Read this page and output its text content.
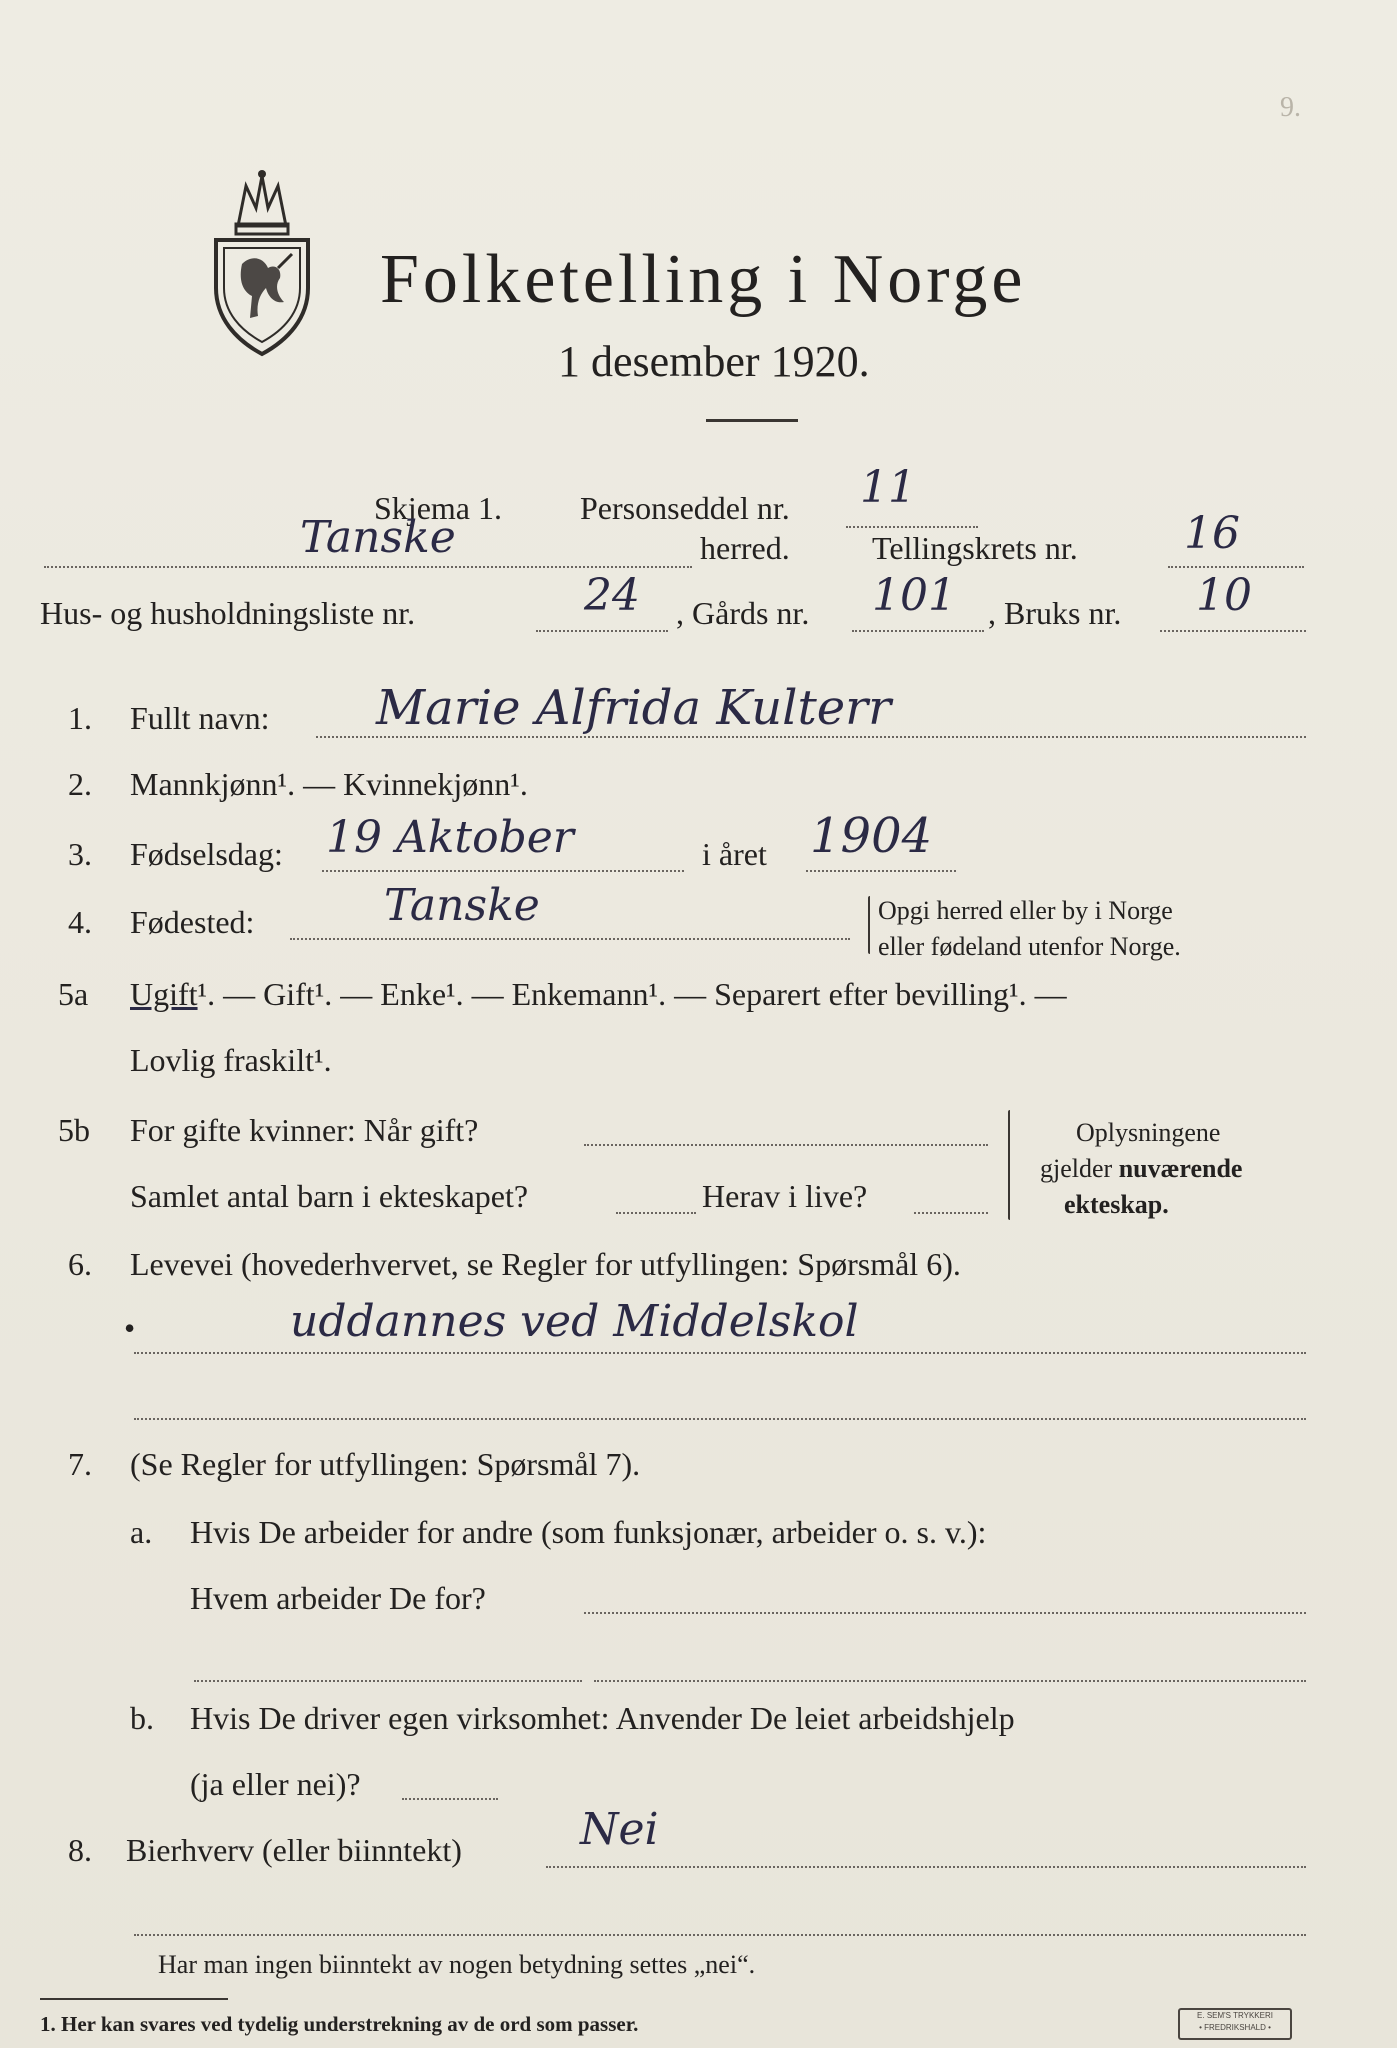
9.
Folketelling i Norge
1 desember 1920.
Skjema 1. Personseddel nr. 11
Tanske	herred.	Tellingskrets nr. 16
Hus- og husholdningsliste nr.	24 , Gårds nr. 101 , Bruks nr. 10
1. Fullt navn: Marie Alfrida Kulterr
2. Mannkjønn¹. — Kvinnekjønn¹.
3. Fødselsdag: 19 Aktober	i året 1904
4. Fødested:	Tanske	Opgi herred eller by i Norge
eller fødeland utenfor Norge.
5a Ugift¹. — Gift¹. — Enke¹. — Enkemann¹. — Separert efter bevilling¹. —
Lovlig fraskilt¹.
5b For gifte kvinner: Når gift?
Samlet antal barn i ekteskapet?	Herav i live?
Oplysningene
gjelder nuværende
ekteskap.
6. Levevei (hovederhvervet, se Regler for utfyllingen: Spørsmål 6).
•	uddannes ved Middelskol
7. (Se Regler for utfyllingen: Spørsmål 7).
a. Hvis De arbeider for andre (som funksjonær, arbeider o. s. v.):
Hvem arbeider De for?
b. Hvis De driver egen virksomhet: Anvender De leiet arbeidshjelp
(ja eller nei)?
8. Bierhverv (eller biinntekt)	Nei
Har man ingen biinntekt av nogen betydning settes „nei“.
1. Her kan svares ved tydelig understrekning av de ord som passer.	E. SEM'S TRYKKERI
• FREDRIKSHALD •
